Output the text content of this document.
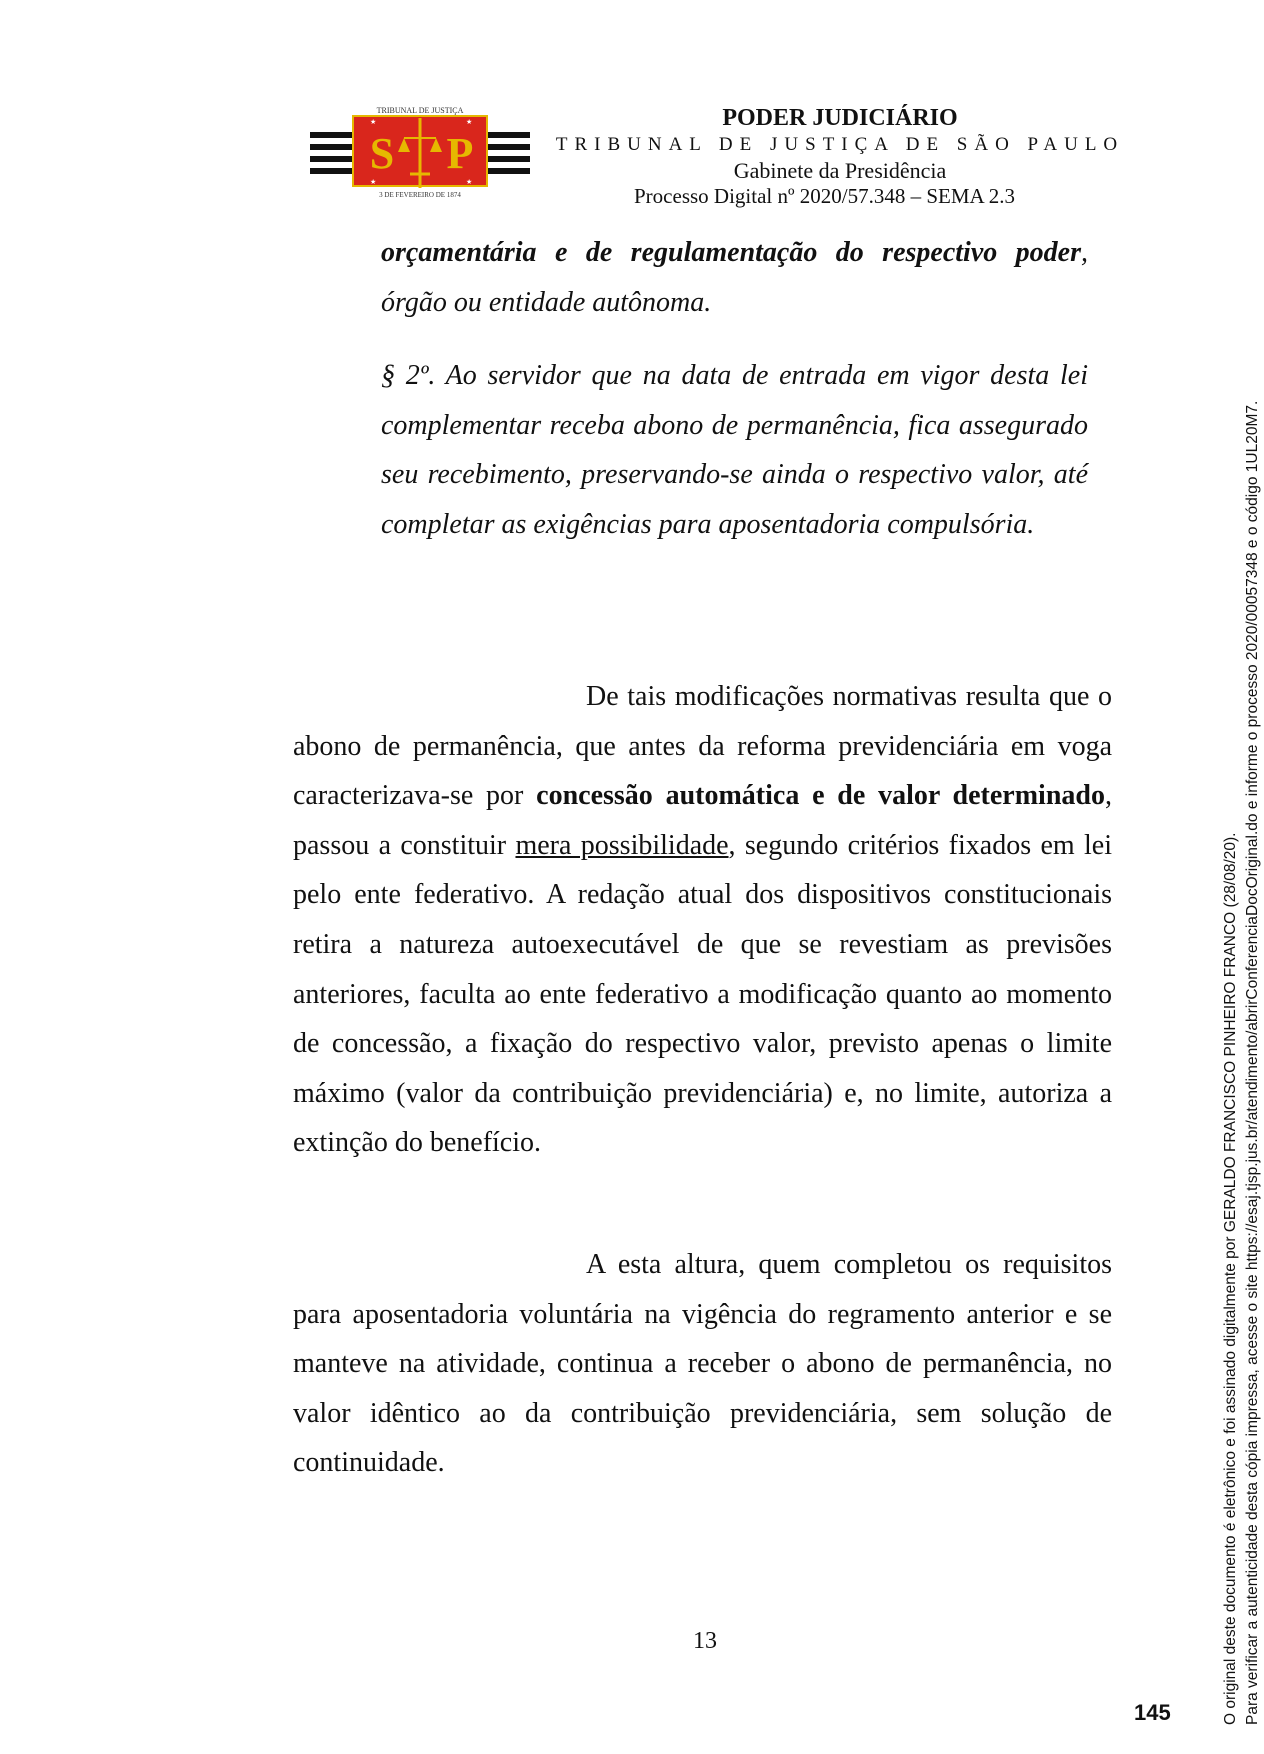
S P
★	★
★	★
TRIBUNAL DE JUSTIÇA
3 DE FEVEREIRO DE 1874
PODER JUDICIÁRIO
TRIBUNAL DE JUSTIÇA DE SÃO PAULO
Gabinete da Presidência
Processo Digital nº 2020/57.348 – SEMA 2.3
orçamentária e de regulamentação do respectivo poder, órgão ou entidade autônoma.
§ 2º. Ao servidor que na data de entrada em vigor desta lei complementar receba abono de permanência, fica assegurado seu recebimento, preservando-se ainda o respectivo valor, até completar as exigências para aposentadoria compulsória.
De tais modificações normativas resulta que o abono de permanência, que antes da reforma previdenciária em voga caracterizava-se por concessão automática e de valor determinado, passou a constituir mera possibilidade, segundo critérios fixados em lei pelo ente federativo. A redação atual dos dispositivos constitucionais retira a natureza autoexecutável de que se revestiam as previsões anteriores, faculta ao ente federativo a modificação quanto ao momento de concessão, a fixação do respectivo valor, previsto apenas o limite máximo (valor da contribuição previdenciária) e, no limite, autoriza a extinção do benefício.
A esta altura, quem completou os requisitos para aposentadoria voluntária na vigência do regramento anterior e se manteve na atividade, continua a receber o abono de permanência, no valor idêntico ao da contribuição previdenciária, sem solução de continuidade.
13
145	O original deste documento é eletrônico e foi assinado digitalmente por GERALDO FRANCISCO PINHEIRO FRANCO (28/08/20). Para verificar a autenticidade desta cópia impressa, acesse o site https://esaj.tjsp.jus.br/atendimento/abrirConferenciaDocOriginal.do e informe o processo 2020/00057348 e o código 1UL20M7.
